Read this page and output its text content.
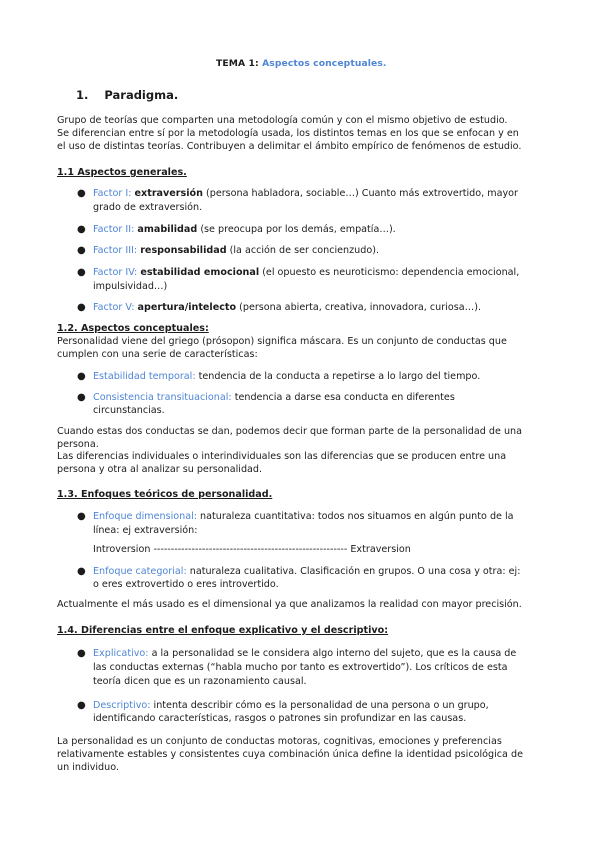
TEMA 1: Aspectos conceptuales.
1. Paradigma.
Grupo de teorías que comparten una metodología común y con el mismo objetivo de estudio.
Se diferencian entre sí por la metodología usada, los distintos temas en los que se enfocan y en
el uso de distintas teorías. Contribuyen a delimitar el ámbito empírico de fenómenos de estudio.
1.1 Aspectos generales.
● Factor I: extraversión (persona habladora, sociable…) Cuanto más extrovertido, mayor
grado de extraversión.
● Factor II: amabilidad (se preocupa por los demás, empatía…).
● Factor III: responsabilidad (la acción de ser concienzudo).
● Factor IV: estabilidad emocional (el opuesto es neuroticismo: dependencia emocional,
impulsividad…)
● Factor V: apertura/intelecto (persona abierta, creativa, innovadora, curiosa…).
1.2. Aspectos conceptuales:
Personalidad viene del griego (prósopon) significa máscara. Es un conjunto de conductas que
cumplen con una serie de características:
● Estabilidad temporal: tendencia de la conducta a repetirse a lo largo del tiempo.
● Consistencia transituacional: tendencia a darse esa conducta en diferentes
circunstancias.
Cuando estas dos conductas se dan, podemos decir que forman parte de la personalidad de una
persona.
Las diferencias individuales o interindividuales son las diferencias que se producen entre una
persona y otra al analizar su personalidad.
1.3. Enfoques teóricos de personalidad.
● Enfoque dimensional: naturaleza cuantitativa: todos nos situamos en algún punto de la
línea: ej extraversión:
Introversion -------------------------------------------------------- Extraversion
● Enfoque categorial: naturaleza cualitativa. Clasificación en grupos. O una cosa y otra: ej:
o eres extrovertido o eres introvertido.
Actualmente el más usado es el dimensional ya que analizamos la realidad con mayor precisión.
1.4. Diferencias entre el enfoque explicativo y el descriptivo:
● Explicativo: a la personalidad se le considera algo interno del sujeto, que es la causa de
las conductas externas (“habla mucho por tanto es extrovertido”). Los críticos de esta
teoría dicen que es un razonamiento causal.
● Descriptivo: intenta describir cómo es la personalidad de una persona o un grupo,
identificando características, rasgos o patrones sin profundizar en las causas.
La personalidad es un conjunto de conductas motoras, cognitivas, emociones y preferencias
relativamente estables y consistentes cuya combinación única define la identidad psicológica de
un individuo.
